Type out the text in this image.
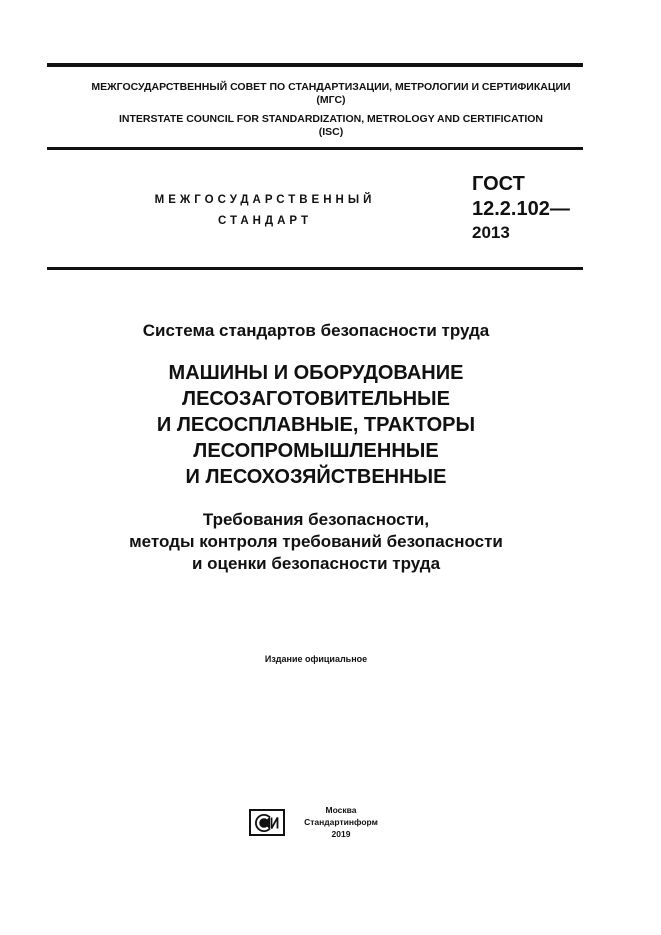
МЕЖГОСУДАРСТВЕННЫЙ СОВЕТ ПО СТАНДАРТИЗАЦИИ, МЕТРОЛОГИИ И СЕРТИФИКАЦИИ
(МГС)
INTERSTATE COUNCIL FOR STANDARDIZATION, METROLOGY AND CERTIFICATION
(ISC)
МЕЖГОСУДАРСТВЕННЫЙ
СТАНДАРТ
ГОСТ
12.2.102—
2013
Система стандартов безопасности труда
МАШИНЫ И ОБОРУДОВАНИЕ
ЛЕСОЗАГОТОВИТЕЛЬНЫЕ
И ЛЕСОСПЛАВНЫЕ, ТРАКТОРЫ
ЛЕСОПРОМЫШЛЕННЫЕ
И ЛЕСОХОЗЯЙСТВЕННЫЕ
Требования безопасности,
методы контроля требований безопасности
и оценки безопасности труда
Издание официальное
Москва
Стандартинформ
2019
